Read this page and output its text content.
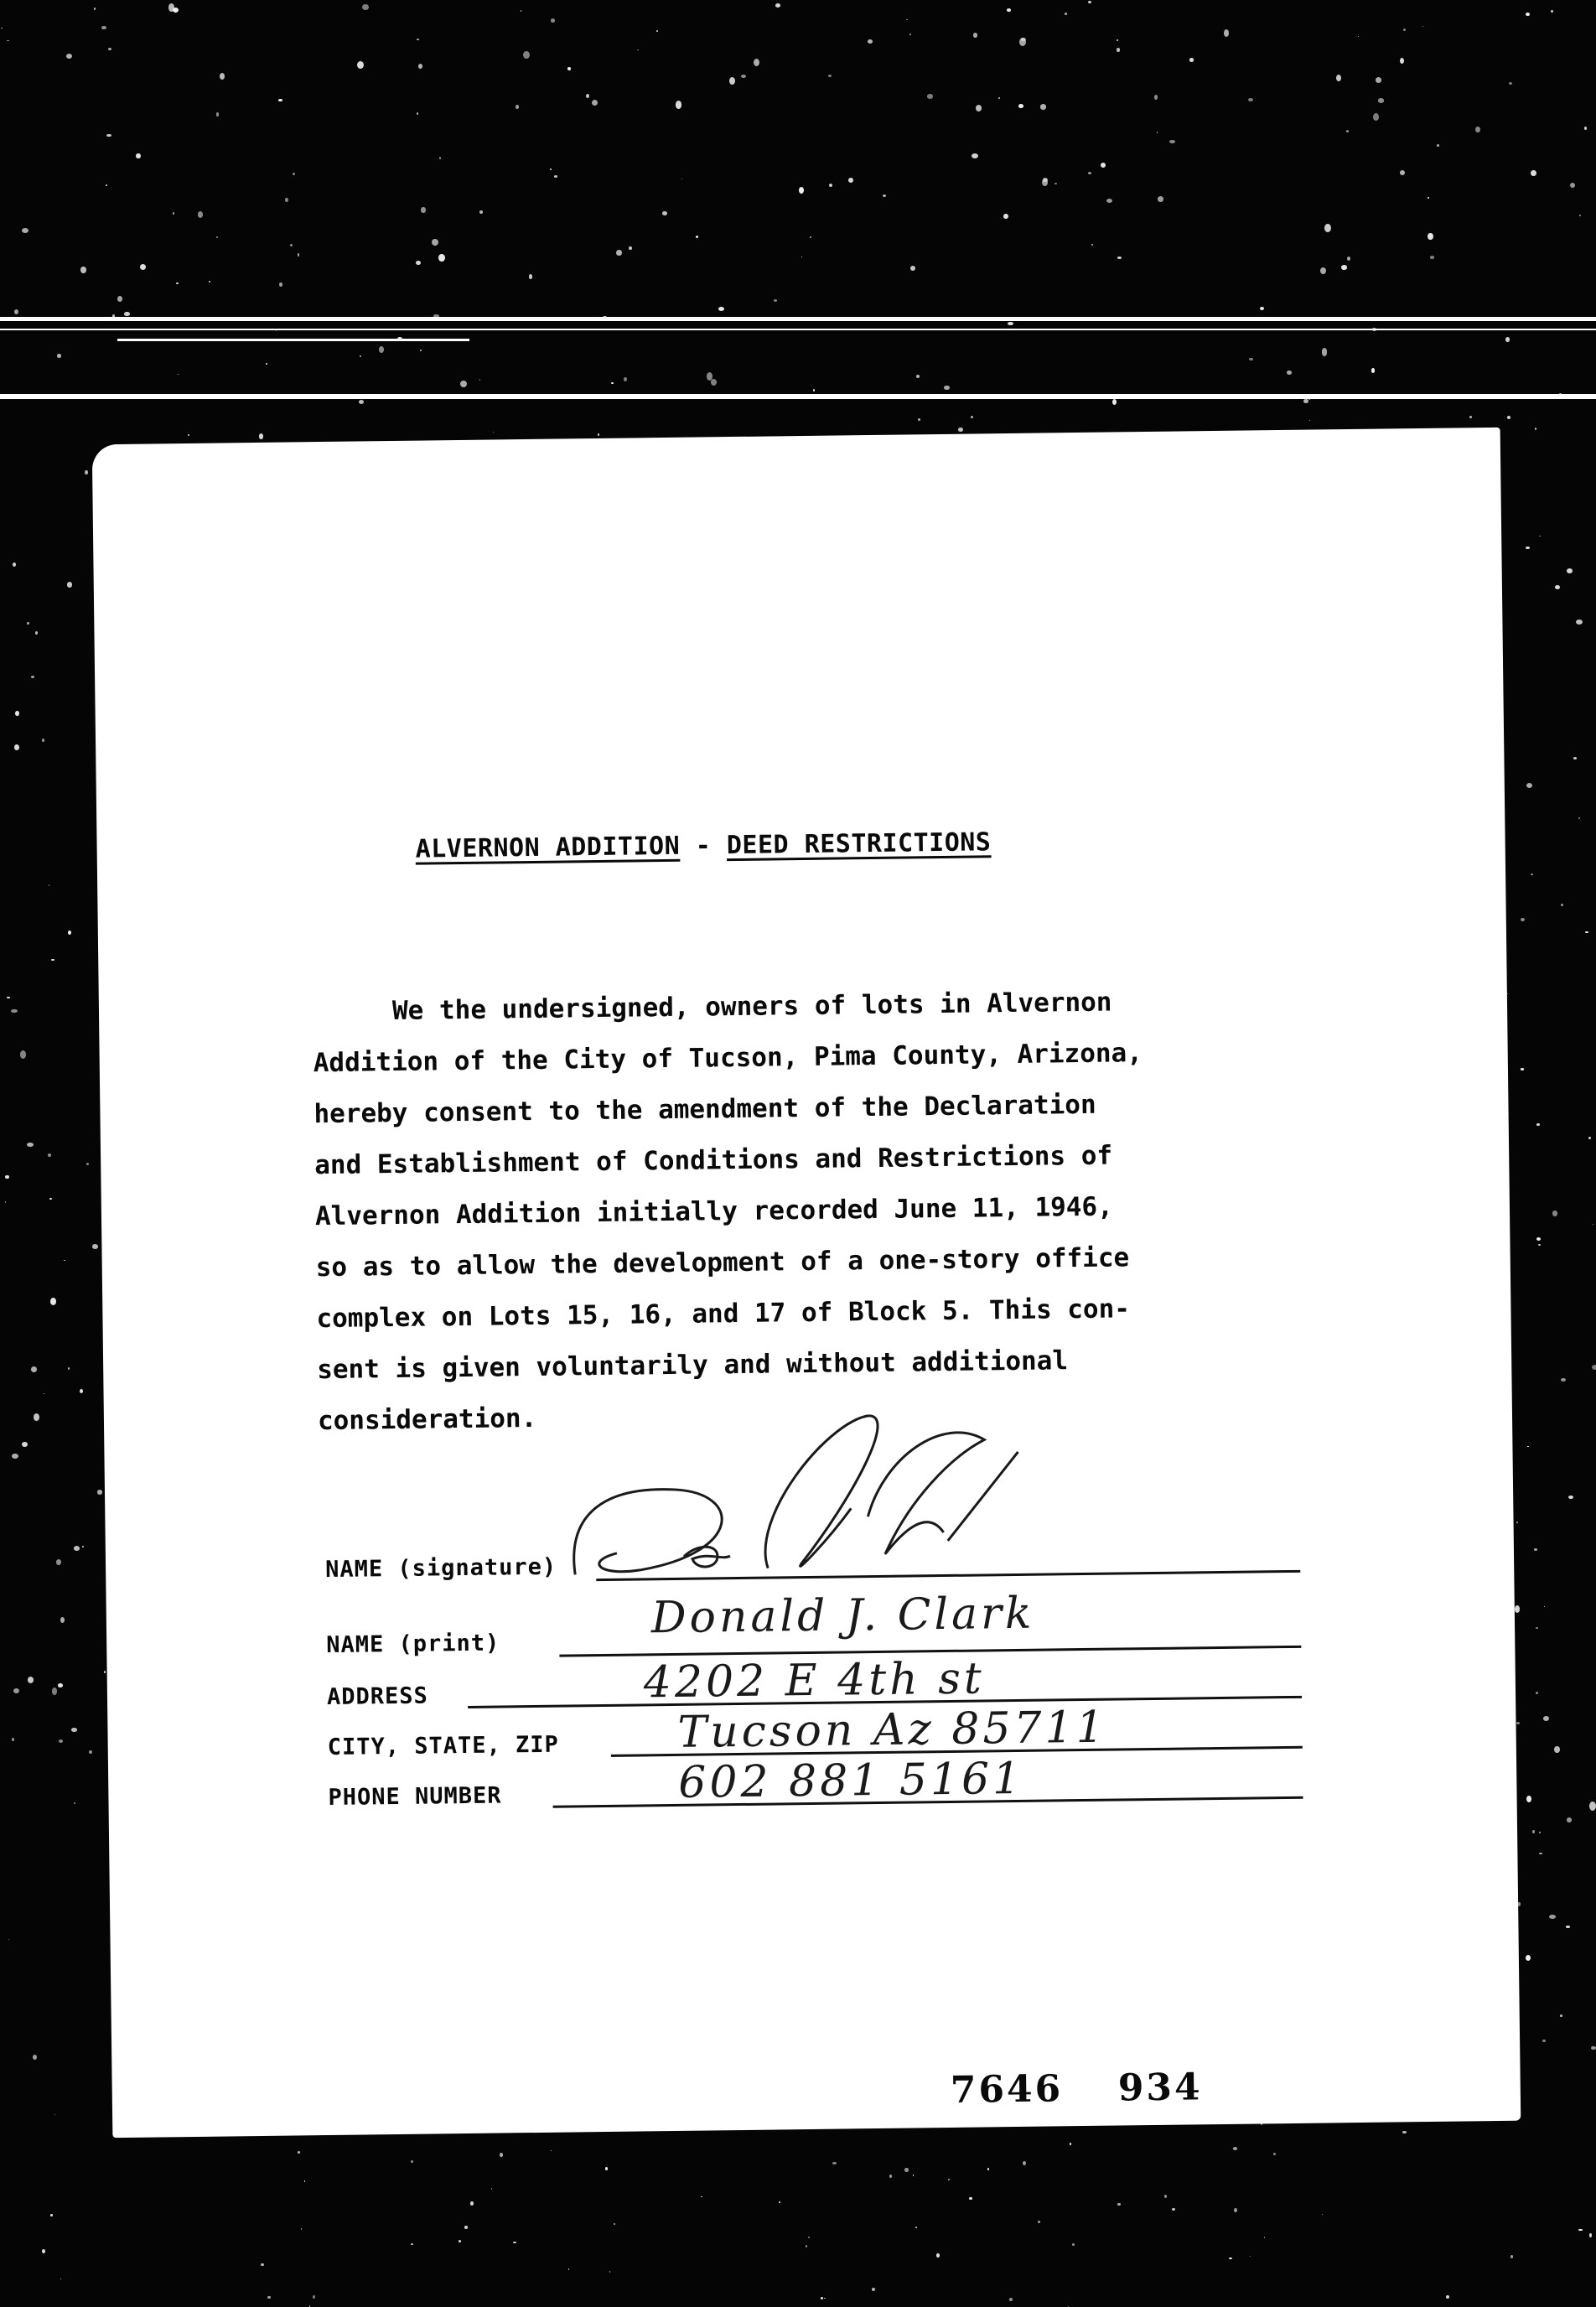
ALVERNON ADDITION - DEED RESTRICTIONS
We the undersigned, owners of lots in Alvernon
Addition of the City of Tucson, Pima County, Arizona,
hereby consent to the amendment of the Declaration
and Establishment of Conditions and Restrictions of
Alvernon Addition initially recorded June 11, 1946,
so as to allow the development of a one-story office
complex on Lots 15, 16, and 17 of Block 5. This con-
sent is given voluntarily and without additional
consideration.
NAME (signature)
NAME (print)
ADDRESS
CITY, STATE, ZIP
PHONE NUMBER
Donald J. Clark
4202 E 4th st
Tucson Az 85711
602 881 5161
7646 934
